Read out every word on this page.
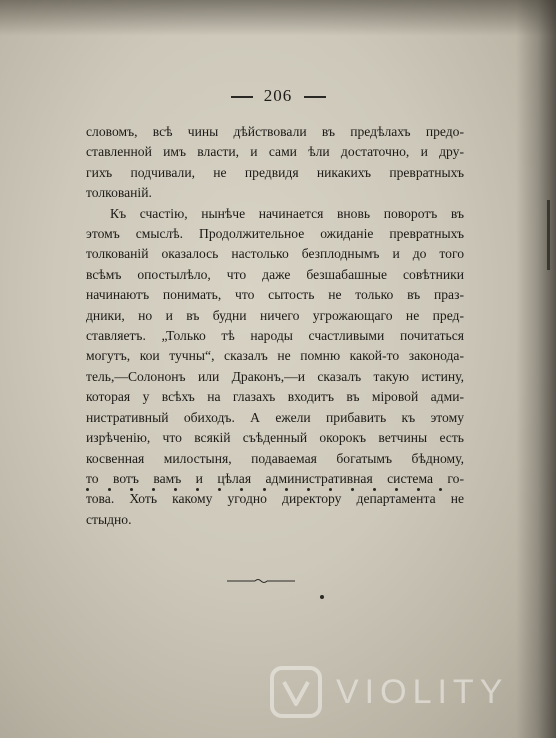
206
словомъ, всѣ чины дѣйствовали въ предѣлахъ предо-
ставленной имъ власти, и сами ѣли достаточно, и дру-
гихъ подчивали, не предвидя никакихъ превратныхъ
толкованій.
Къ счастію, нынѣче начинается вновь поворотъ въ
этомъ смыслѣ. Продолжительное ожиданіе превратныхъ
толкованій оказалось настолько безплоднымъ и до того
всѣмъ опостылѣло, что даже безшабашные совѣтники
начинаютъ понимать, что сытость не только въ праз-
дники, но и въ будни ничего угрожающаго не пред-
ставляетъ. „Только тѣ народы счастливыми почитаться
могутъ, кои тучны“, сказалъ не помню какой-то законода-
тель,—Солононъ или Драконъ,—и сказалъ такую истину,
которая у всѣхъ на глазахъ входитъ въ міровой адми-
нистративный обиходъ. А ежели прибавить къ этому
изрѣченію, что всякій съѣденный окорокъ ветчины есть
косвенная милостыня, подаваемая богатымъ бѣдному,
то вотъ вамъ и цѣлая административная система го-
това. Хоть какому угодно директору департамента не
стыдно.
VIOLITY
